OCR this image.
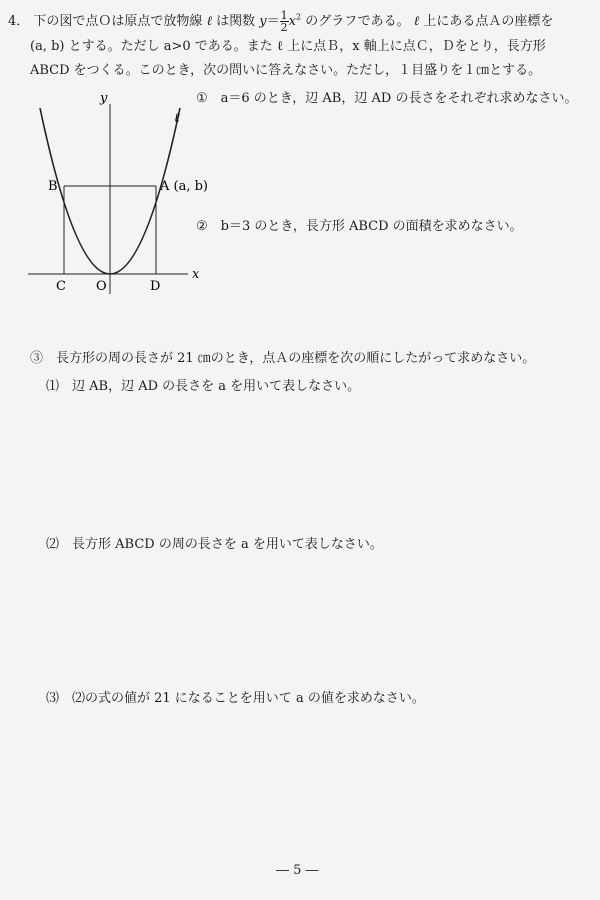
4． 下の図で点Ｏは原点で放物線 ℓ は関数 $y= \frac{1}{2} x^2$ のグラフである。 ℓ 上にある点Ａの座標を
(a, b) とする。ただし a>0 である。また ℓ 上に点Ｂ，x 軸上に点Ｃ，Ｄをとり，長方形
ABCD をつくる。このとき，次の問いに答えなさい。ただし，１目盛りを１㎝とする。
y
ℓ
x
B	A (a, b)
C O	D
①　a＝6 のとき，辺 AB，辺 AD の長さをそれぞれ求めなさい。
②　b＝3 のとき，長方形 ABCD の面積を求めなさい。
③　長方形の周の長さが 21 ㎝のとき，点Ａの座標を次の順にしたがって求めなさい。
⑴　辺 AB，辺 AD の長さを a を用いて表しなさい。
⑵　長方形 ABCD の周の長さを a を用いて表しなさい。
⑶　⑵の式の値が 21 になることを用いて a の値を求めなさい。
― 5 ―
